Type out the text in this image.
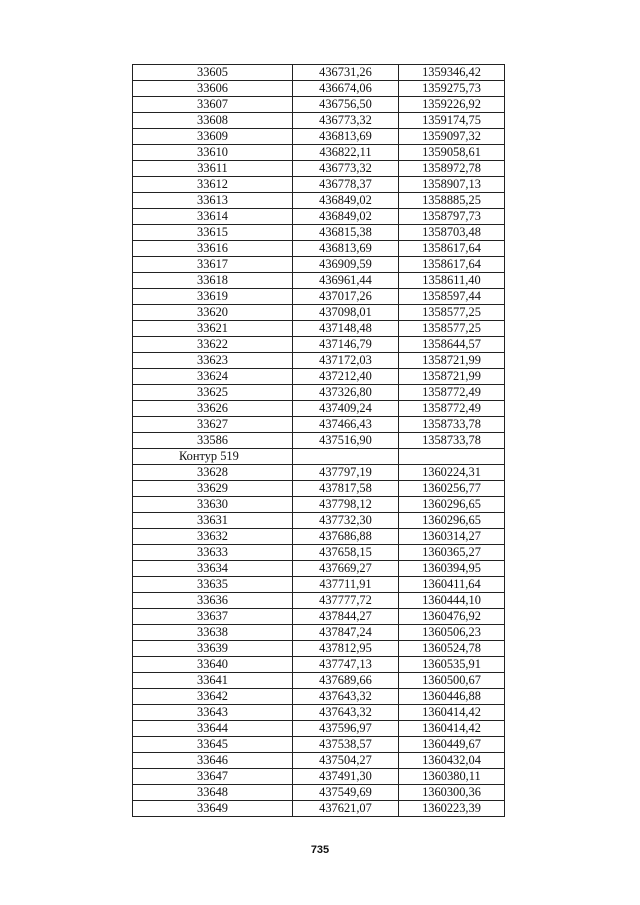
33605	436731,26	1359346,42
33606	436674,06	1359275,73
33607	436756,50	1359226,92
33608	436773,32	1359174,75
33609	436813,69	1359097,32
33610	436822,11	1359058,61
33611	436773,32	1358972,78
33612	436778,37	1358907,13
33613	436849,02	1358885,25
33614	436849,02	1358797,73
33615	436815,38	1358703,48
33616	436813,69	1358617,64
33617	436909,59	1358617,64
33618	436961,44	1358611,40
33619	437017,26	1358597,44
33620	437098,01	1358577,25
33621	437148,48	1358577,25
33622	437146,79	1358644,57
33623	437172,03	1358721,99
33624	437212,40	1358721,99
33625	437326,80	1358772,49
33626	437409,24	1358772,49
33627	437466,43	1358733,78
33586	437516,90	1358733,78
Контур 519		
33628	437797,19	1360224,31
33629	437817,58	1360256,77
33630	437798,12	1360296,65
33631	437732,30	1360296,65
33632	437686,88	1360314,27
33633	437658,15	1360365,27
33634	437669,27	1360394,95
33635	437711,91	1360411,64
33636	437777,72	1360444,10
33637	437844,27	1360476,92
33638	437847,24	1360506,23
33639	437812,95	1360524,78
33640	437747,13	1360535,91
33641	437689,66	1360500,67
33642	437643,32	1360446,88
33643	437643,32	1360414,42
33644	437596,97	1360414,42
33645	437538,57	1360449,67
33646	437504,27	1360432,04
33647	437491,30	1360380,11
33648	437549,69	1360300,36
33649	437621,07	1360223,39
735
